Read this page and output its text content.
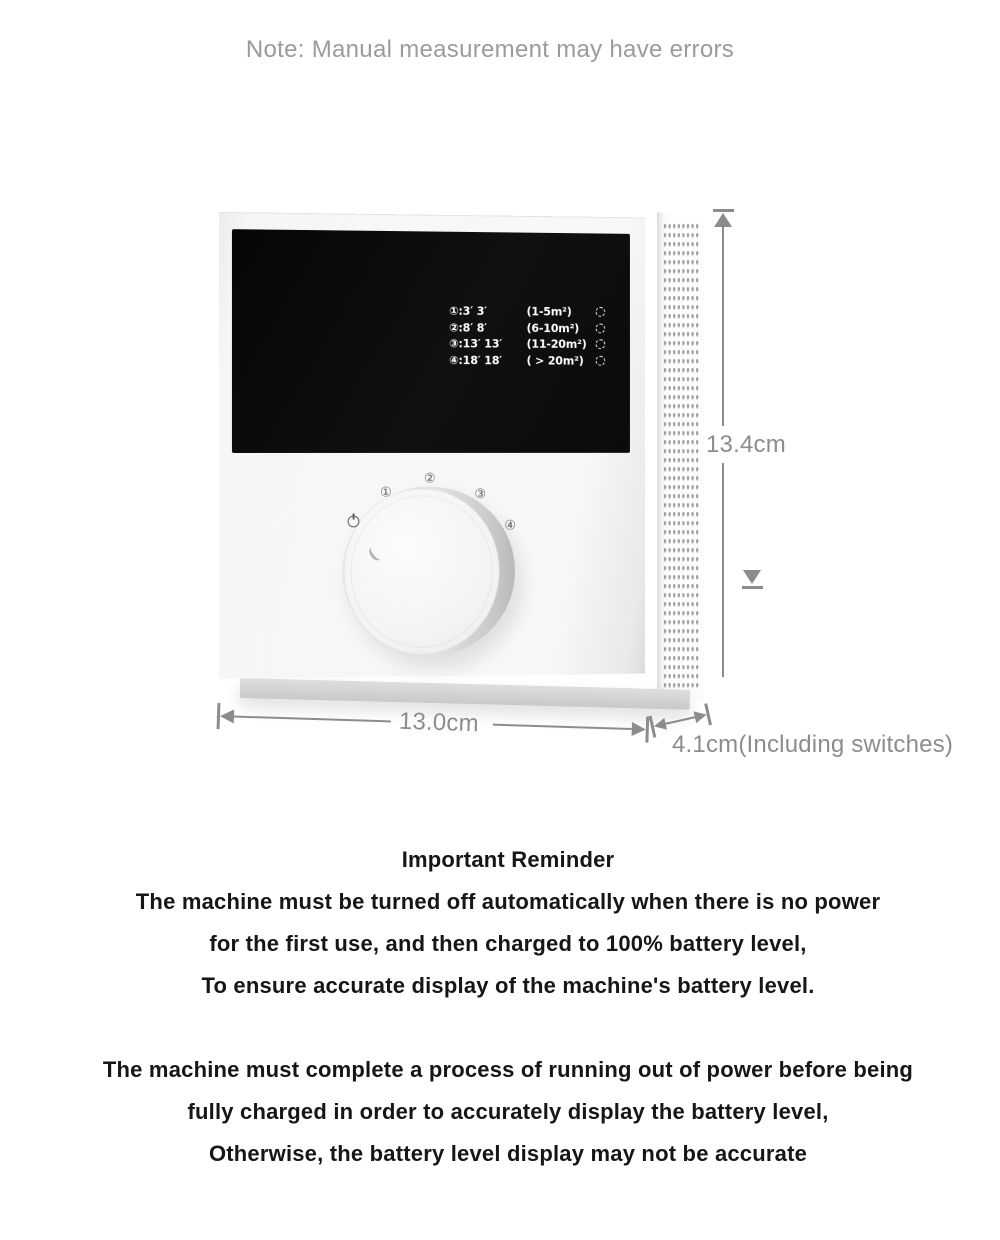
Note: Manual measurement may have errors
①:3′ 3′	(1-5m²)
②:8′ 8′	(6-10m²)
③:13′ 13′	(11-20m²)
④:18′ 18′	( > 20m²)
①
②
③
④
13.4cm
13.0cm
4.1cm(Including switches)
Important Reminder
The machine must be turned off automatically when there is no power
for the first use, and then charged to 100% battery level,
To ensure accurate display of the machine's battery level.
The machine must complete a process of running out of power before being
fully charged in order to accurately display the battery level,
Otherwise, the battery level display may not be accurate
